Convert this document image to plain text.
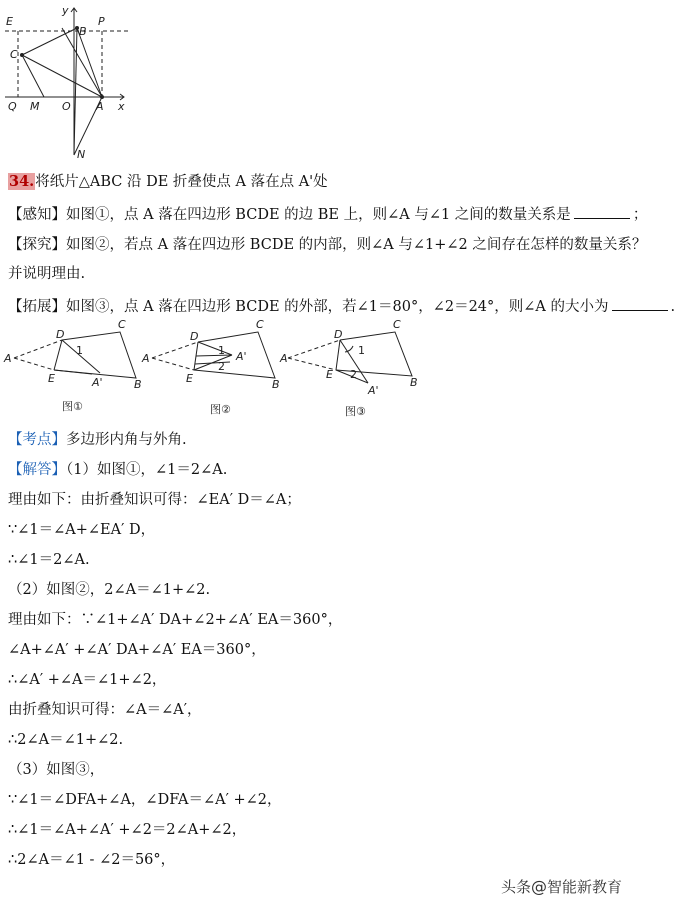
E
y
B
P
C
Q M O A x
N
34.将纸片△ABC 沿 DE 折叠使点 A 落在点 A'处
【感知】如图①，点 A 落在四边形 BCDE 的边 BE 上，则∠A 与∠1 之间的数量关系是	；
【探究】如图②，若点 A 落在四边形 BCDE 的内部，则∠A 与∠1+∠2 之间存在怎样的数量关系？
并说明理由.
【拓展】如图③，点 A 落在四边形 BCDE 的外部，若∠1＝80°，∠2＝24°，则∠A 的大小为	.
A
D
C
E	A'	B
1
A
D
C
E
A'
B
1
2
A
D
C
E
A'
B
1
2
图①	图②	图③
【考点】多边形内角与外角.
【解答】（1）如图①，∠1＝2∠A.
理由如下：由折叠知识可得：∠EA′ D＝∠A；
∵∠1＝∠A+∠EA′ D，
∴∠1＝2∠A.
（2）如图②，2∠A＝∠1+∠2.
理由如下：∵∠1+∠A′ DA+∠2+∠A′ EA＝360°，
∠A+∠A′ +∠A′ DA+∠A′ EA＝360°，
∴∠A′ +∠A＝∠1+∠2，
由折叠知识可得：∠A＝∠A′，
∴2∠A＝∠1+∠2.
（3）如图③，
∵∠1＝∠DFA+∠A，∠DFA＝∠A′ +∠2，
∴∠1＝∠A+∠A′ +∠2＝2∠A+∠2，
∴2∠A＝∠1 - ∠2＝56°，
头条@智能新教育
